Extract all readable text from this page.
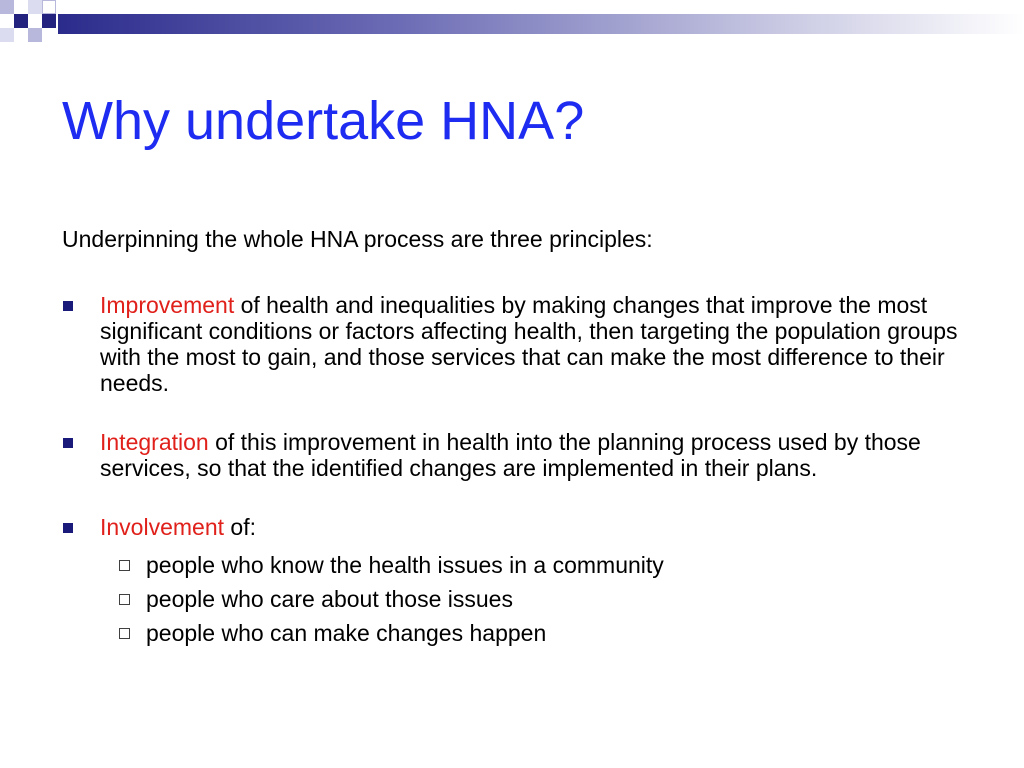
Why undertake HNA?
Underpinning the whole HNA process are three principles:
Improvement of health and inequalities by making changes that improve the most significant conditions or factors affecting health, then targeting the population groups with the most to gain, and those services that can make the most difference to their needs.
Integration of this improvement in health into the planning process used by those services, so that the identified changes are implemented in their plans.
Involvement of:
people who know the health issues in a community
people who care about those issues
people who can make changes happen
